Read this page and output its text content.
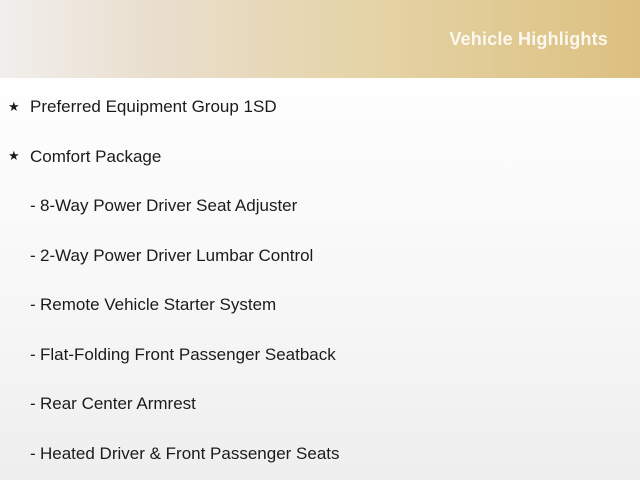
Vehicle Highlights
★ Preferred Equipment Group 1SD
★ Comfort Package
- 8-Way Power Driver Seat Adjuster
- 2-Way Power Driver Lumbar Control
- Remote Vehicle Starter System
- Flat-Folding Front Passenger Seatback
- Rear Center Armrest
- Heated Driver & Front Passenger Seats
